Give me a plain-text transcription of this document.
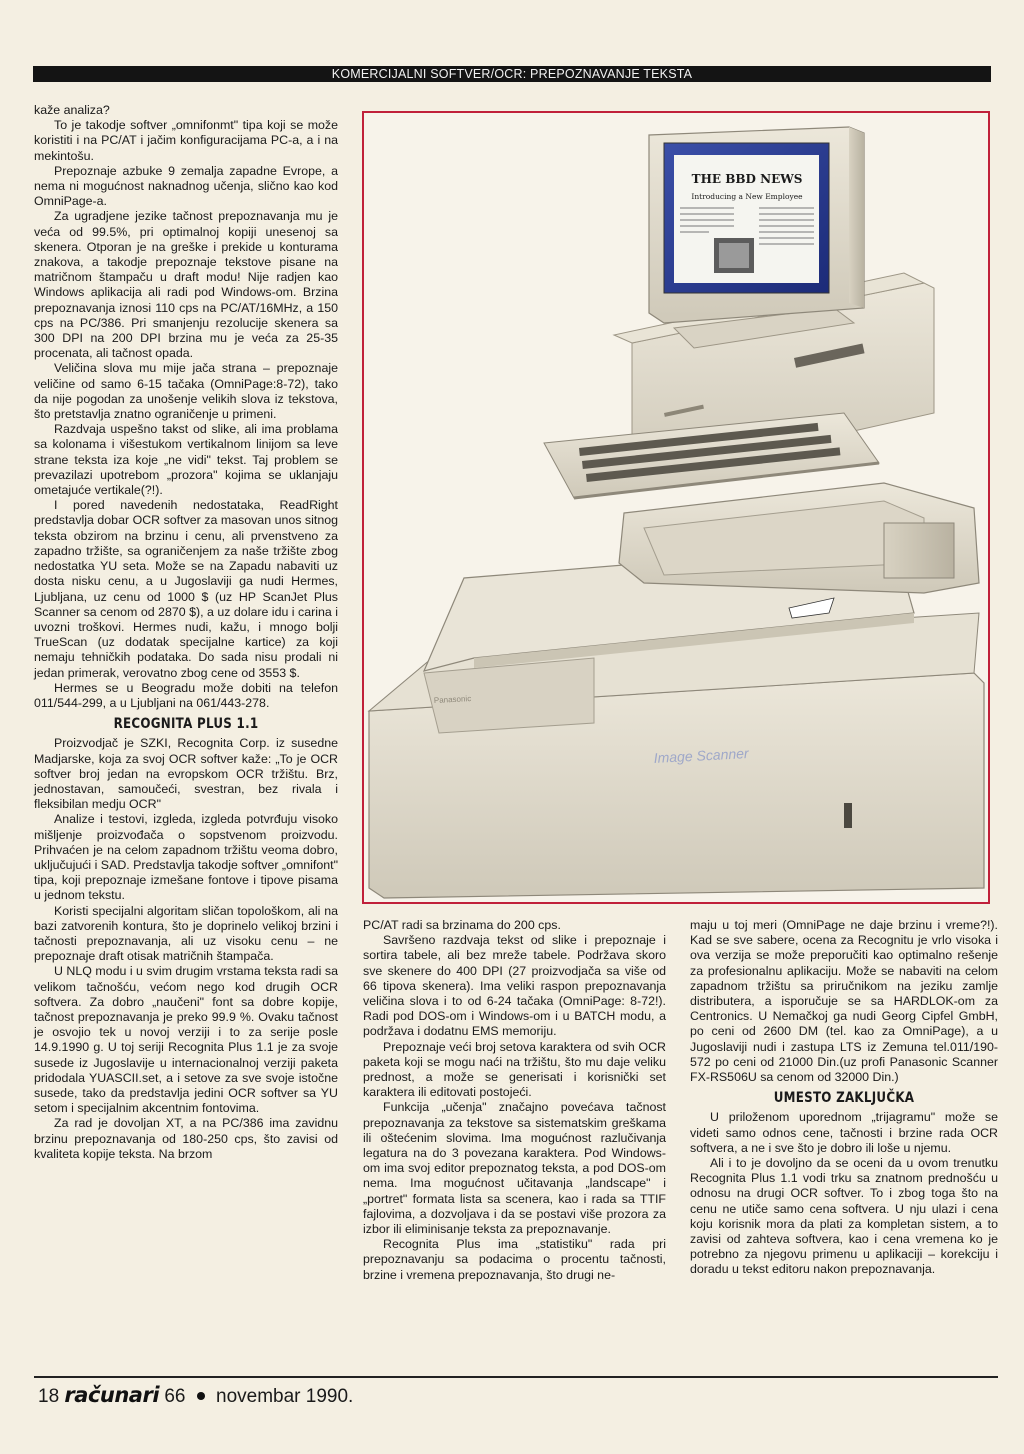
KOMERCIJALNI SOFTVER/OCR: PREPOZNAVANJE TEKSTA

kaže analiza?

To je takodje softver „omnifonmt" tipa koji se može koristiti i na PC/AT i jačim konfiguracijama PC-a, a i na mekintošu.

Prepoznaje azbuke 9 zemalja zapadne Evrope, a nema ni mogućnost naknadnog učenja, slično kao kod OmniPage-a.

Za ugradjene jezike tačnost prepoznavanja mu je veća od 99.5%, pri optimalnoj kopiji unesenoj sa skenera. Otporan je na greške i prekide u konturama znakova, a takodje prepoznaje tekstove pisane na matričnom štampaču u draft modu! Nije radjen kao Windows aplikacija ali radi pod Windows-om. Brzina prepoznavanja iznosi 110 cps na PC/AT/16MHz, a 150 cps na PC/386. Pri smanjenju rezolucije skenera sa 300 DPI na 200 DPI brzina mu je veća za 25-35 procenata, ali tačnost opada.

Veličina slova mu mije jača strana – prepoznaje veličine od samo 6-15 tačaka (OmniPage:8-72), tako da nije pogodan za unošenje velikih slova iz tekstova, što pretstavlja znatno ograničenje u primeni.

Razdvaja uspešno takst od slike, ali ima problama sa kolonama i višestukom vertikalnom linijom sa leve strane teksta iza koje „ne vidi" tekst. Taj problem se prevazilazi upotrebom „prozora" kojima se uklanjaju ometajuće vertikale(?!).

I pored navedenih nedostataka, ReadRight predstavlja dobar OCR softver za masovan unos sitnog teksta obzirom na brzinu i cenu, ali prvenstveno za zapadno tržište, sa ograničenjem za naše tržište zbog nedostatka YU seta. Može se na Zapadu nabaviti uz dosta nisku cenu, a u Jugoslaviji ga nudi Hermes, Ljubljana, uz cenu od 1000 $ (uz HP ScanJet Plus Scanner sa cenom od 2870 $), a uz dolare idu i carina i uvozni troškovi. Hermes nudi, kažu, i mnogo bolji TrueScan (uz dodatak specijalne kartice) za koji nemaju tehničkih podataka. Do sada nisu prodali ni jedan primerak, verovatno zbog cene od 3553 $.

Hermes se u Beogradu može dobiti na telefon 011/544-299, a u Ljubljani na 061/443-278.

RECOGNITA PLUS 1.1

Proizvodjač je SZKI, Recognita Corp. iz susedne Madjarske, koja za svoj OCR softver kaže: „To je OCR softver broj jedan na evropskom OCR tržištu. Brz, jednostavan, samoučeći, svestran, bez rivala i fleksibilan medju OCR"

Analize i testovi, izgleda, izgleda potvrđuju visoko mišljenje proizvođača o sopstvenom proizvodu. Prihvaćen je na celom zapadnom tržištu veoma dobro, uključujući i SAD. Predstavlja takodje softver „omnifont" tipa, koji prepoznaje izmešane fontove i tipove pisama u jednom tekstu.

Koristi specijalni algoritam sličan topološkom, ali na bazi zatvorenih kontura, što je doprinelo velikoj brzini i tačnosti prepoznavanja, ali uz visoku cenu – ne prepoznaje draft otisak matričnih štampača.

U NLQ modu i u svim drugim vrstama teksta radi sa velikom tačnošću, većom nego kod drugih OCR softvera. Za dobro „naučeni" font sa dobre kopije, tačnost prepoznavanja je preko 99.9 %. Ovaku tačnost je osvojio tek u novoj verziji i to za serije posle 14.9.1990 g. U toj seriji Recognita Plus 1.1 je za svoje susede iz Jugoslavije u internacionalnoj verziji paketa pridodala YUASCII.set, a i setove za sve svoje istočne susede, tako da predstavlja jedini OCR softver sa YU setom i specijalnim akcentnim fontovima.

Za rad je dovoljan XT, a na PC/386 ima zavidnu brzinu prepoznavanja od 180-250 cps, što zavisi od kvaliteta kopije teksta. Na brzom

THE BBD NEWS
Introducing a New Employee
Image Scanner
Panasonic

PC/AT radi sa brzinama do 200 cps.

Savršeno razdvaja tekst od slike i prepoznaje i sortira tabele, ali bez mreže tabele. Podržava skoro sve skenere do 400 DPI (27 proizvodjača sa više od 66 tipova skenera). Ima veliki raspon prepoznavanja veličina slova i to od 6-24 tačaka (OmniPage: 8-72!). Radi pod DOS-om i Windows-om i u BATCH modu, a podržava i dodatnu EMS memoriju.

Prepoznaje veći broj setova karaktera od svih OCR paketa koji se mogu naći na tržištu, što mu daje veliku prednost, a može se generisati i korisnički set karaktera ili editovati postojeći.

Funkcija „učenja" značajno povećava tačnost prepoznavanja za tekstove sa sistematskim greškama ili oštećenim slovima. Ima mogućnost razlučivanja legatura na do 3 povezana karaktera. Pod Windows-om ima svoj editor prepoznatog teksta, a pod DOS-om nema. Ima mogućnost učitavanja „landscape" i „portret" formata lista sa scenera, kao i rada sa TTIF fajlovima, a dozvoljava i da se postavi više prozora za izbor ili eliminisanje teksta za prepoznavanje.

Recognita Plus ima „statistiku" rada pri prepoznavanju sa podacima o procentu tačnosti, brzine i vremena prepoznavanja, što drugi ne-

maju u toj meri (OmniPage ne daje brzinu i vreme?!). Kad se sve sabere, ocena za Recognitu je vrlo visoka i ova verzija se može preporučiti kao optimalno rešenje za profesionalnu aplikaciju. Može se nabaviti na celom zapadnom tržištu sa priručnikom na jeziku zamlje distributera, a isporučuje se sa HARDLOK-om za Centronics. U Nemačkoj ga nudi Georg Cipfel GmbH, po ceni od 2600 DM (tel. kao za OmniPage), a u Jugoslaviji nudi i zastupa LTS iz Zemuna tel.011/190-572 po ceni od 21000 Din.(uz profi Panasonic Scanner FX-RS506U sa cenom od 32000 Din.)

UMESTO ZAKLJUČKA

U priloženom uporednom „trijagramu" može se videti samo odnos cene, tačnosti i brzine rada OCR softvera, a ne i sve što je dobro ili loše u njemu.

Ali i to je dovoljno da se oceni da u ovom trenutku Recognita Plus 1.1 vodi trku sa znatnom prednošću u odnosu na drugi OCR softver. To i zbog toga što na cenu ne utiče samo cena softvera. U nju ulazi i cena koju korisnik mora da plati za kompletan sistem, a to zavisi od zahteva softvera, kao i cena vremena ko je potrebno za njegovu primenu u aplikaciji – korekciju i doradu u tekst editoru nakon prepoznavanja.

18 računari 66 novembar 1990.
